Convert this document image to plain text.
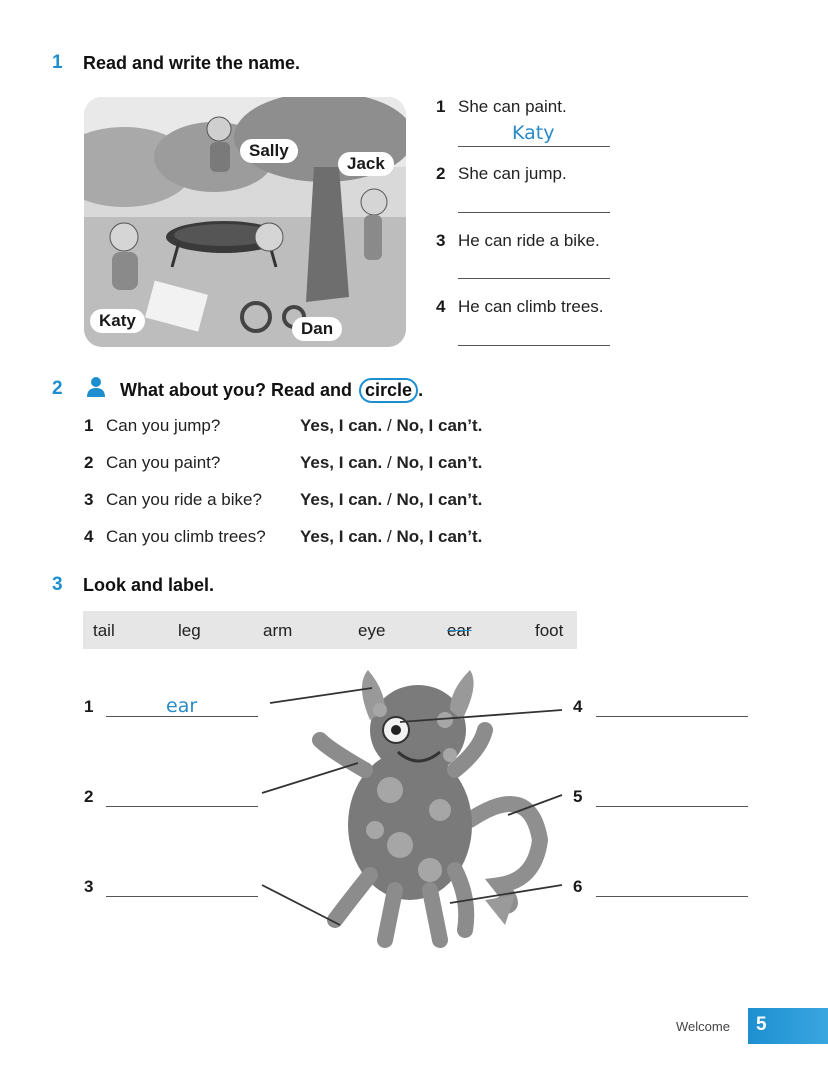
1 Read and write the name.
Sally
Jack
Katy	Dan
1 She can paint.
Katy
2 She can jump.
3 He can ride a bike.
4 He can climb trees.
2	What about you? Read and circle .
1 Can you jump?	Yes, I can. / No, I can’t.
2 Can you paint?	Yes, I can. / No, I can’t.
3 Can you ride a bike? Yes, I can. / No, I can’t.
4 Can you climb trees? Yes, I can. / No, I can’t.
3 Look and label.
tail	leg	arm	eye	ear	foot
1	ear
2
3
4
5
6
Welcome 5
